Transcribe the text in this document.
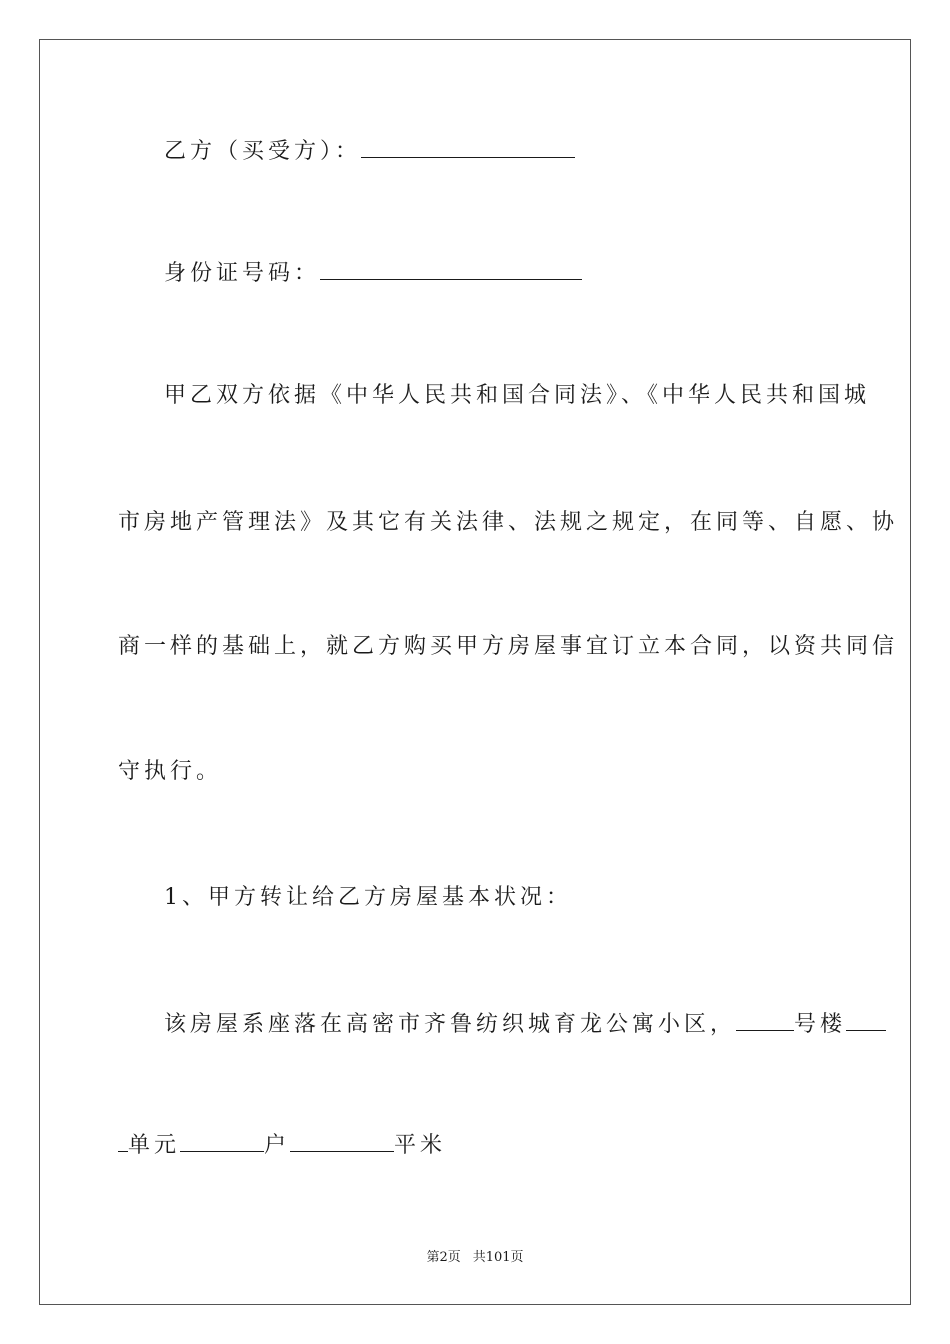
乙方（买受方）：
身份证号码：
甲乙双方依据《中华人民共和国合同法》、《中华人民共和国城
市房地产管理法》及其它有关法律、法规之规定，在同等、自愿、协
商一样的基础上，就乙方购买甲方房屋事宜订立本合同，以资共同信
守执行。
1、甲方转让给乙方房屋基本状况：
该房屋系座落在高密市齐鲁纺织城育龙公寓小区，	号楼
单元	户	平米
第2页 共101页
